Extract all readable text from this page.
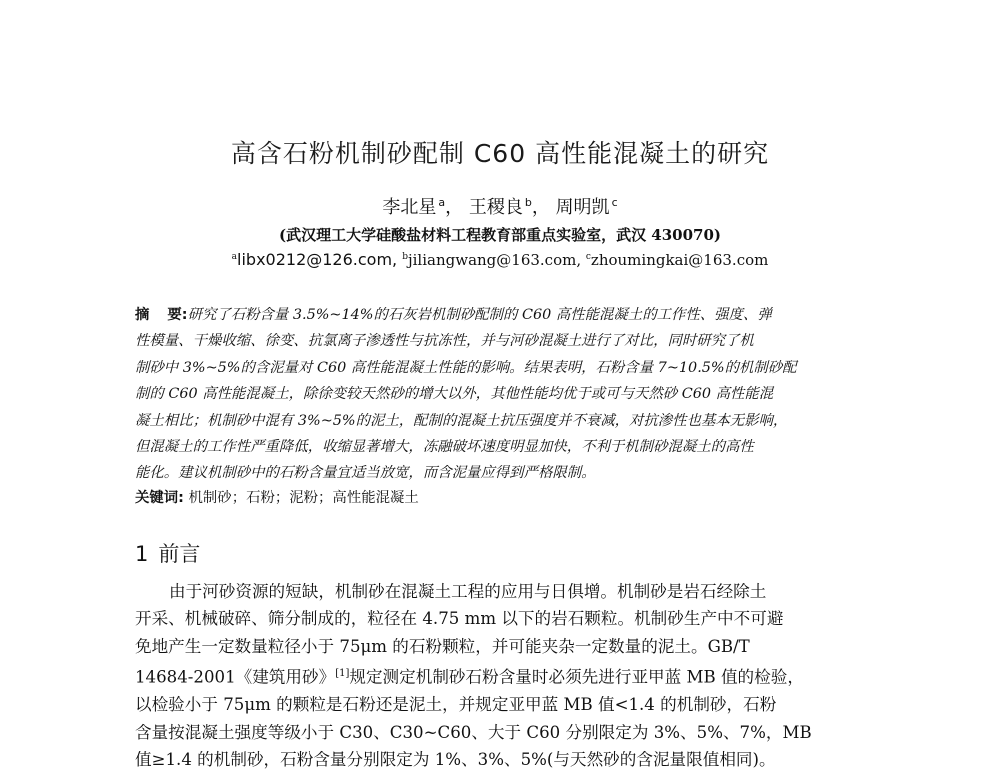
高含石粉机制砂配制 C60 高性能混凝土的研究
李北星 $^a$， 王稷良 $^b$， 周明凯 $^c$
(武汉理工大学硅酸盐材料工程教育部重点实验室，武汉 430070)
$^a$libx0212@126.com, $^b$jiliangwang@163.com, $^c$zhoumingkai@163.com
摘 要:研究了石粉含量 3.5%~14%的石灰岩机制砂配制的 C60 高性能混凝土的工作性、强度、弹
性模量、干燥收缩、徐变、抗氯离子渗透性与抗冻性，并与河砂混凝土进行了对比，同时研究了机
制砂中 3%~5%的含泥量对 C60 高性能混凝土性能的影响。结果表明，石粉含量 7~10.5%的机制砂配
制的 C60 高性能混凝土，除徐变较天然砂的增大以外，其他性能均优于或可与天然砂 C60 高性能混
凝土相比；机制砂中混有 3%~5%的泥土，配制的混凝土抗压强度并不衰减，对抗渗性也基本无影响，
但混凝土的工作性严重降低，收缩显著增大，冻融破坏速度明显加快，不利于机制砂混凝土的高性
能化。建议机制砂中的石粉含量宜适当放宽，而含泥量应得到严格限制。
关键词: 机制砂；石粉；泥粉；高性能混凝土
1 前言
由于河砂资源的短缺，机制砂在混凝土工程的应用与日俱增。机制砂是岩石经除土
开采、机械破碎、筛分制成的，粒径在 4.75 mm 以下的岩石颗粒。机制砂生产中不可避
免地产生一定数量粒径小于 75μm 的石粉颗粒，并可能夹杂一定数量的泥土。GB/T
14684-2001《建筑用砂》[1]规定测定机制砂石粉含量时必须先进行亚甲蓝 MB 值的检验，
以检验小于 75μm 的颗粒是石粉还是泥土，并规定亚甲蓝 MB 值<1.4 的机制砂，石粉
含量按混凝土强度等级小于 C30、C30~C60、大于 C60 分别限定为 3%、5%、7%，MB
值≥1.4 的机制砂，石粉含量分别限定为 1%、3%、5%(与天然砂的含泥量限值相同)。
